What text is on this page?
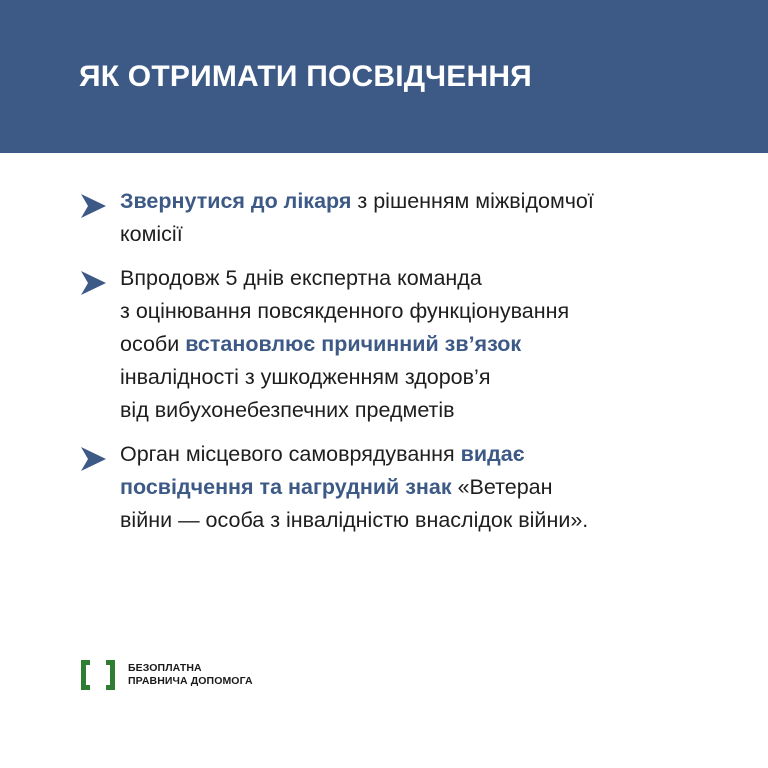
ЯК ОТРИМАТИ ПОСВІДЧЕННЯ
Звернутися до лікаря з рішенням міжвідомчої
комісії
Впродовж 5 днів експертна команда
з оцінювання повсякденного функціонування
особи встановлює причинний зв’язок
інвалідності з ушкодженням здоров’я
від вибухонебезпечних предметів
Орган місцевого самоврядування видає
посвідчення та нагрудний знак «Ветеран
війни — особа з інвалідністю внаслідок війни».
БЕЗОПЛАТНА
ПРАВНИЧА ДОПОМОГА
